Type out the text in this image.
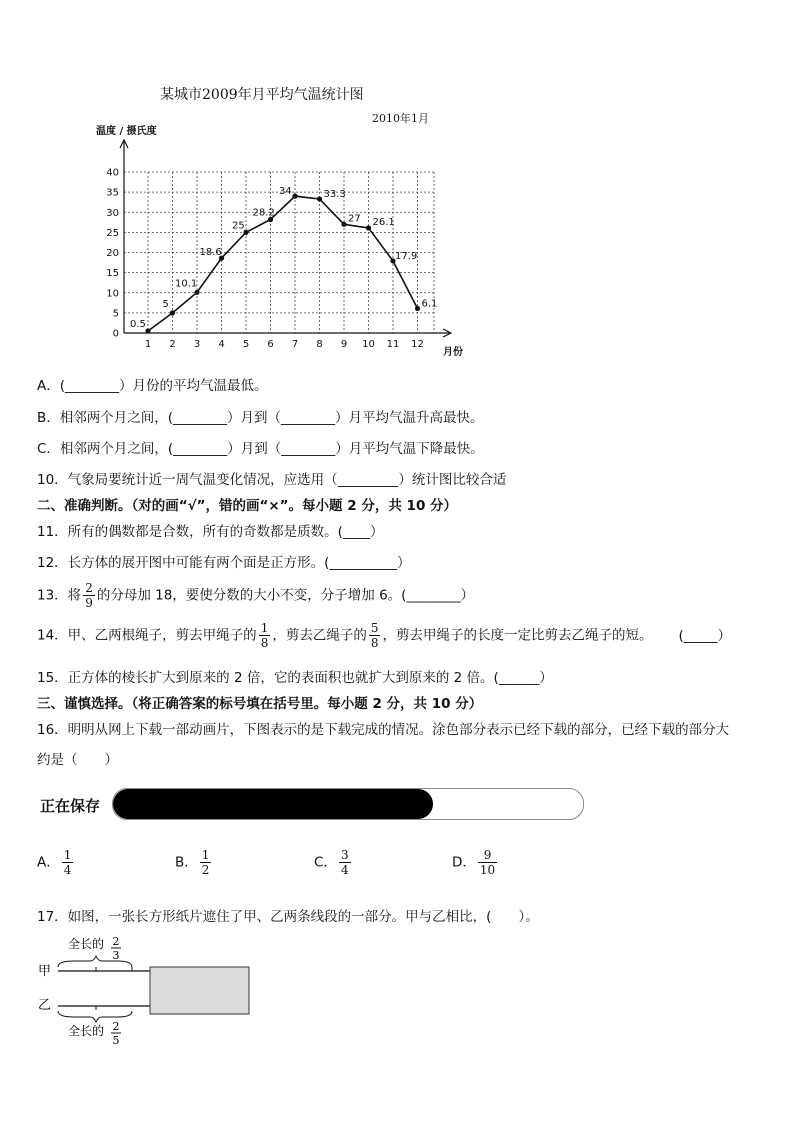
某城市2009年月平均气温统计图
2010年1月
温度 / 摄氏度
0
5
10
15
20
25
30
35
40
1 2 3 4 5 6 7 8 9 10 11 12
月份
0.5
5
10.1
18.6
25
28.2
34	33.3
27 26.1
17.9
6.1
A．(________）月份的平均气温最低。
B．相邻两个月之间，(________）月到（________）月平均气温升高最快。
C．相邻两个月之间，(________）月到（________）月平均气温下降最快。
10．气象局要统计近一周气温变化情况，应选用（_________）统计图比较合适
二、准确判断。（对的画“√”，错的画“×”。每小题 2 分，共 10 分）
11．所有的偶数都是合数，所有的奇数都是质数。(____）
12．长方体的展开图中可能有两个面是正方形。(__________）
13．将 $\frac{2}{9}$ 的分母加 18，要使分数的大小不变，分子增加 6。(________）
14．甲、乙两根绳子，剪去甲绳子的 $\frac{1}{8}$ ，剪去乙绳子的 $\frac{5}{8}$ ，剪去甲绳子的长度一定比剪去乙绳子的短。 (_____）
15．正方体的棱长扩大到原来的 2 倍，它的表面积也就扩大到原来的 2 倍。(______）
三、谨慎选择。（将正确答案的标号填在括号里。每小题 2 分，共 10 分）
16．明明从网上下载一部动画片，下图表示的是下载完成的情况。涂色部分表示已经下载的部分，已经下载的部分大
约是（　　）
正在保存
A． $\frac{1}{4}$	B． $\frac{1}{2}$	C． $\frac{3}{4}$	D． $\frac{9}{10}$
17．如图，一张长方形纸片遮住了甲、乙两条线段的一部分。甲与乙相比，(　　）。
全长的 2
3
甲
乙
全长的 2
5
